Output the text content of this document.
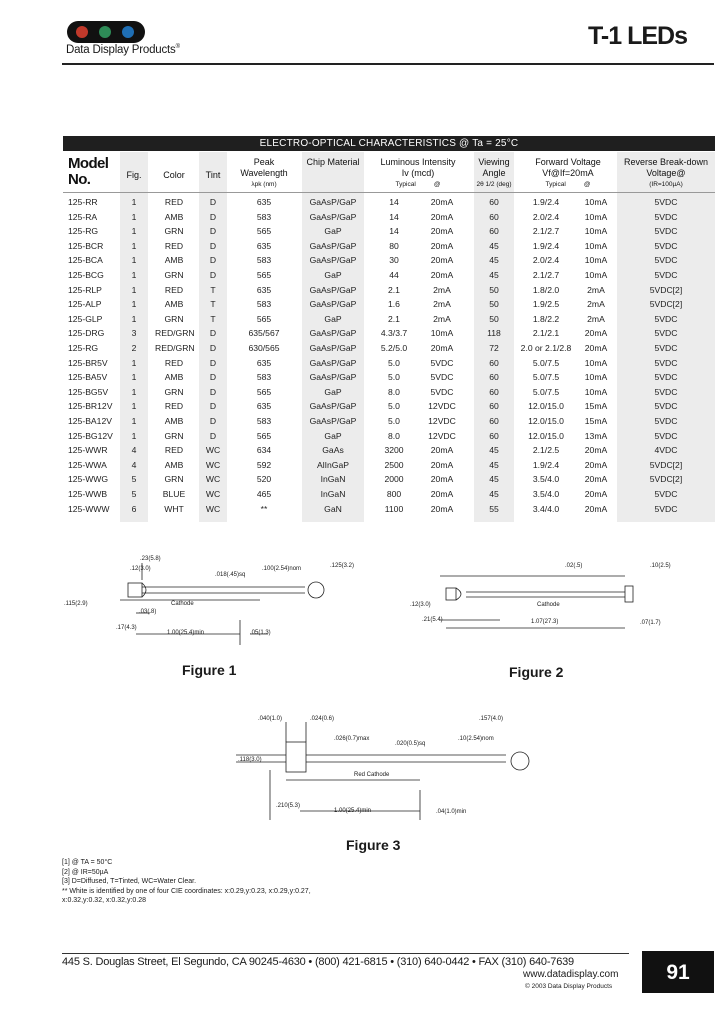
Data Display Products®	T-1 LEDs
ELECTRO-OPTICAL CHARACTERISTICS @ Ta = 25°C
Model No.	Fig.	Color	Tint
Peak Wavelength
λpk (nm)
Chip Material	Luminous Intensity
Iv (mcd)
Typical	@
Viewing Angle
2θ 1/2 (deg)
Forward Voltage
Vf@If=20mA
Typical	@
Reverse Break-down Voltage@
(IR=100µA)
125-RR	1	RED	D	635	GaAsP/GaP	14	20mA	60	1.9/2.4	10mA	5VDC
125-RA	1	AMB	D	583	GaAsP/GaP	14	20mA	60	2.0/2.4	10mA	5VDC
125-RG	1	GRN	D	565	GaP	14	20mA	60	2.1/2.7	10mA	5VDC
125-BCR	1	RED	D	635	GaAsP/GaP	80	20mA	45	1.9/2.4	10mA	5VDC
125-BCA	1	AMB	D	583	GaAsP/GaP	30	20mA	45	2.0/2.4	10mA	5VDC
125-BCG	1	GRN	D	565	GaP	44	20mA	45	2.1/2.7	10mA	5VDC
125-RLP	1	RED	T	635	GaAsP/GaP	2.1	2mA	50	1.8/2.0	2mA	5VDC[2]
125-ALP	1	AMB	T	583	GaAsP/GaP	1.6	2mA	50	1.9/2.5	2mA	5VDC[2]
125-GLP	1	GRN	T	565	GaP	2.1	2mA	50	1.8/2.2	2mA	5VDC
125-DRG	3	RED/GRN	D	635/567	GaAsP/GaP	4.3/3.7	10mA	118	2.1/2.1	20mA	5VDC
125-RG	2	RED/GRN	D	630/565	GaAsP/GaP	5.2/5.0	20mA	72	2.0 or 2.1/2.8	20mA	5VDC
125-BR5V	1	RED	D	635	GaAsP/GaP	5.0	5VDC	60	5.0/7.5	10mA	5VDC
125-BA5V	1	AMB	D	583	GaAsP/GaP	5.0	5VDC	60	5.0/7.5	10mA	5VDC
125-BG5V	1	GRN	D	565	GaP	8.0	5VDC	60	5.0/7.5	10mA	5VDC
125-BR12V	1	RED	D	635	GaAsP/GaP	5.0	12VDC	60	12.0/15.0	15mA	5VDC
125-BA12V	1	AMB	D	583	GaAsP/GaP	5.0	12VDC	60	12.0/15.0	15mA	5VDC
125-BG12V	1	GRN	D	565	GaP	8.0	12VDC	60	12.0/15.0	13mA	5VDC
125-WWR	4	RED	WC	634	GaAs	3200	20mA	45	2.1/2.5	20mA	4VDC
125-WWA	4	AMB	WC	592	AlInGaP	2500	20mA	45	1.9/2.4	20mA	5VDC[2]
125-WWG	5	GRN	WC	520	InGaN	2000	20mA	45	3.5/4.0	20mA	5VDC[2]
125-WWB	5	BLUE	WC	465	InGaN	800	20mA	45	3.5/4.0	20mA	5VDC
125-WWW	6	WHT	WC	**	GaN	1100	20mA	55	3.4/4.0	20mA	5VDC
.23(5.8)
.12(3.0)
.018(.45)sq
.100(2.54)nom	.125(3.2)
.115(2.9)	Cathode
.03(.8)
.17(4.3)
1.00(25.4)min	.05(1.3)
Figure 1
.02(.5)	.10(2.5)
.12(3.0)	Cathode
.21(5.4)	1.07(27.3)	.07(1.7)
Figure 2
.040(1.0)	.024(0.6)	.157(4.0)
.026(0.7)max
.020(0.5)sq
.10(2.54)nom
.118(3.0)
Red Cathode
.210(5.3)
1.00(25.4)min	.04(1.0)min
Figure 3
[1] @ TA = 50°C
[2] @ IR=50µA
[3] D=Diffused, T=Tinted, WC=Water Clear.
** White is identified by one of four CIE coordinates: x:0.29,y:0.23, x:0.29,y:0.27,
x:0.32,y:0.32, x:0.32,y:0.28
445 S. Douglas Street, El Segundo, CA 90245-4630 • (800) 421-6815 • (310) 640-0442 • FAX (310) 640-7639
www.datadisplay.com
© 2003 Data Display Products
91
